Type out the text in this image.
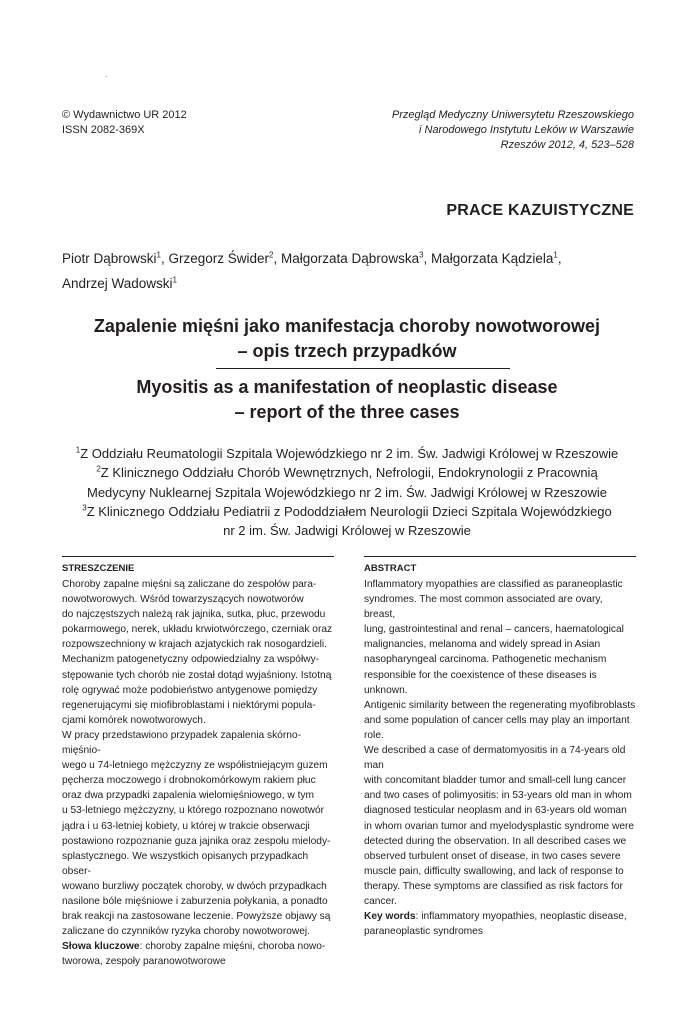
·
© Wydawnictwo UR 2012
ISSN 2082-369X
Przegląd Medyczny Uniwersytetu Rzeszowskiego
i Narodowego Instytutu Leków w Warszawie
Rzeszów 2012, 4, 523–528
PRACE KAZUISTYCZNE
Piotr Dąbrowski$^1$, Grzegorz Świder$^2$, Małgorzata Dąbrowska$^3$, Małgorzata Kądziela$^1$,
Andrzej Wadowski$^1$
Zapalenie mięśni jako manifestacja choroby nowotworowej
– opis trzech przypadków
Myositis as a manifestation of neoplastic disease
– report of the three cases
$^1$Z Oddziału Reumatologii Szpitala Wojewódzkiego nr 2 im. Św. Jadwigi Królowej w Rzeszowie
$^2$Z Klinicznego Oddziału Chorób Wewnętrznych, Nefrologii, Endokrynologii z Pracownią
Medycyny Nuklearnej Szpitala Wojewódzkiego nr 2 im. Św. Jadwigi Królowej w Rzeszowie
$^3$Z Klinicznego Oddziału Pediatrii z Pododdziałem Neurologii Dzieci Szpitala Wojewódzkiego
nr 2 im. Św. Jadwigi Królowej w Rzeszowie
STRESZCZENIE
Choroby zapalne mięśni są zaliczane do zespołów para-
nowotworowych. Wśród towarzyszących nowotworów
do najczęstszych należą rak jajnika, sutka, płuc, przewodu
pokarmowego, nerek, układu krwiotwórczego, czerniak oraz
rozpowszechniony w krajach azjatyckich rak nosogardzieli.
Mechanizm patogenetyczny odpowiedzialny za współwy-
stępowanie tych chorób nie został dotąd wyjaśniony. Istotną
rolę ogrywać może podobieństwo antygenowe pomiędzy
regenerującymi się miofibroblastami i niektórymi popula-
cjami komórek nowotworowych.
W pracy przedstawiono przypadek zapalenia skórno-mięśnio-
wego u 74-letniego mężczyzny ze współistniejącym guzem
pęcherza moczowego i drobnokomórkowym rakiem płuc
oraz dwa przypadki zapalenia wielomięśniowego, w tym
u 53-letniego mężczyzny, u którego rozpoznano nowotwór
jądra i u 63-letniej kobiety, u której w trakcie obserwacji
postawiono rozpoznanie guza jajnika oraz zespołu mielody-
splastycznego. We wszystkich opisanych przypadkach obser-
wowano burzliwy początek choroby, w dwóch przypadkach
nasilone bóle mięśniowe i zaburzenia połykania, a ponadto
brak reakcji na zastosowane leczenie. Powyższe objawy są
zaliczane do czynników ryzyka choroby nowotworowej.
Słowa kluczowe: choroby zapalne mięśni, choroba nowo-
tworowa, zespoły paranowotworowe
ABSTRACT
Inflammatory myopathies are classified as paraneoplastic
syndromes. The most common associated are ovary, breast,
lung, gastrointestinal and renal – cancers, haematological
malignancies, melanoma and widely spread in Asian
nasopharyngeal carcinoma. Pathogenetic mechanism
responsible for the coexistence of these diseases is unknown.
Antigenic similarity between the regenerating myofibroblasts
and some population of cancer cells may play an important
role.
We described a case of dermatomyositis in a 74-years old man
with concomitant bladder tumor and small-cell lung cancer
and two cases of polimyositis: in 53-years old man in whom
diagnosed testicular neoplasm and in 63-years old woman
in whom ovarian tumor and myelodysplastic syndrome were
detected during the observation. In all described cases we
observed turbulent onset of disease, in two cases severe
muscle pain, difficulty swallowing, and lack of response to
therapy. These symptoms are classified as risk factors for
cancer.
Key words: inflammatory myopathies, neoplastic disease,
paraneoplastic syndromes
